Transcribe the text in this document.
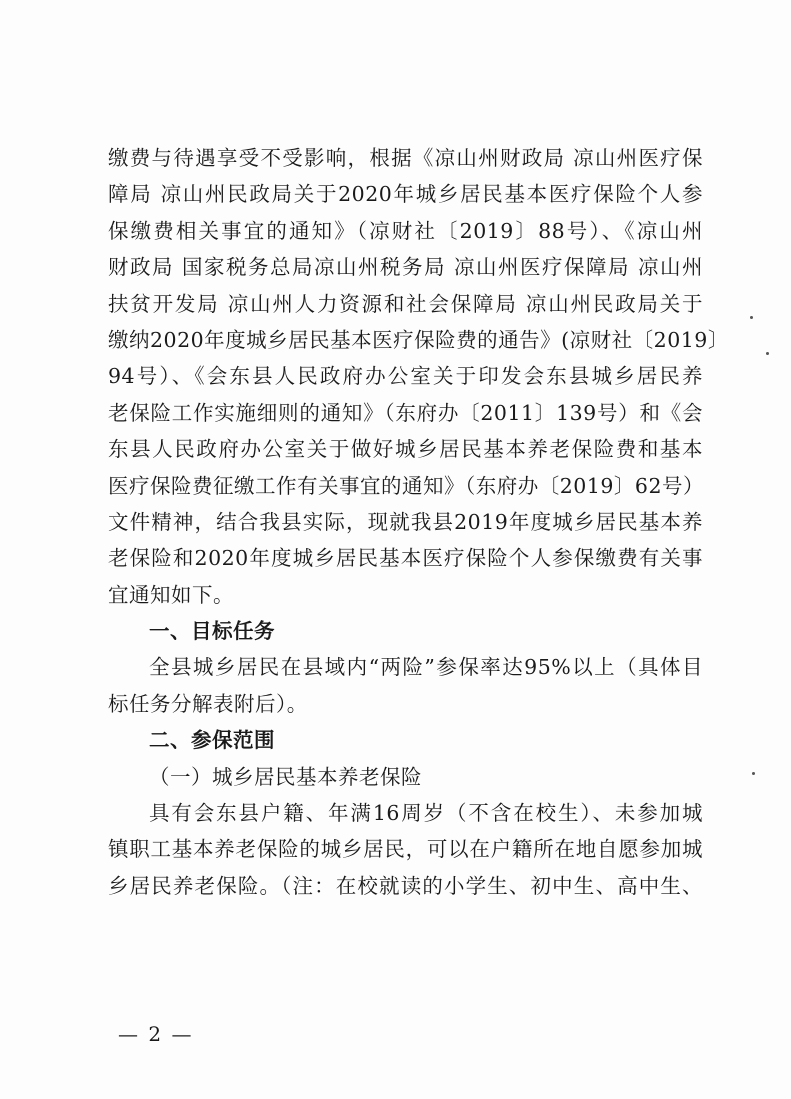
缴费与待遇享受不受影响，根据《凉山州财政局 凉山州医疗保
障局 凉山州民政局关于2020年城乡居民基本医疗保险个人参
保缴费相关事宜的通知》（凉财社〔2019〕88号）、《凉山州
财政局 国家税务总局凉山州税务局 凉山州医疗保障局 凉山州
扶贫开发局 凉山州人力资源和社会保障局 凉山州民政局关于
缴纳2020年度城乡居民基本医疗保险费的通告》(凉财社〔2019〕
94号）、《会东县人民政府办公室关于印发会东县城乡居民养
老保险工作实施细则的通知》（东府办〔2011〕139号）和《会
东县人民政府办公室关于做好城乡居民基本养老保险费和基本
医疗保险费征缴工作有关事宜的通知》（东府办〔2019〕62号）
文件精神，结合我县实际，现就我县2019年度城乡居民基本养
老保险和2020年度城乡居民基本医疗保险个人参保缴费有关事
宜通知如下。
一、目标任务
全县城乡居民在县域内“两险”参保率达95%以上（具体目
标任务分解表附后）。
二、参保范围
（一）城乡居民基本养老保险
具有会东县户籍、年满16周岁（不含在校生）、未参加城
镇职工基本养老保险的城乡居民，可以在户籍所在地自愿参加城
乡居民养老保险。（注：在校就读的小学生、初中生、高中生、
— 2 —
